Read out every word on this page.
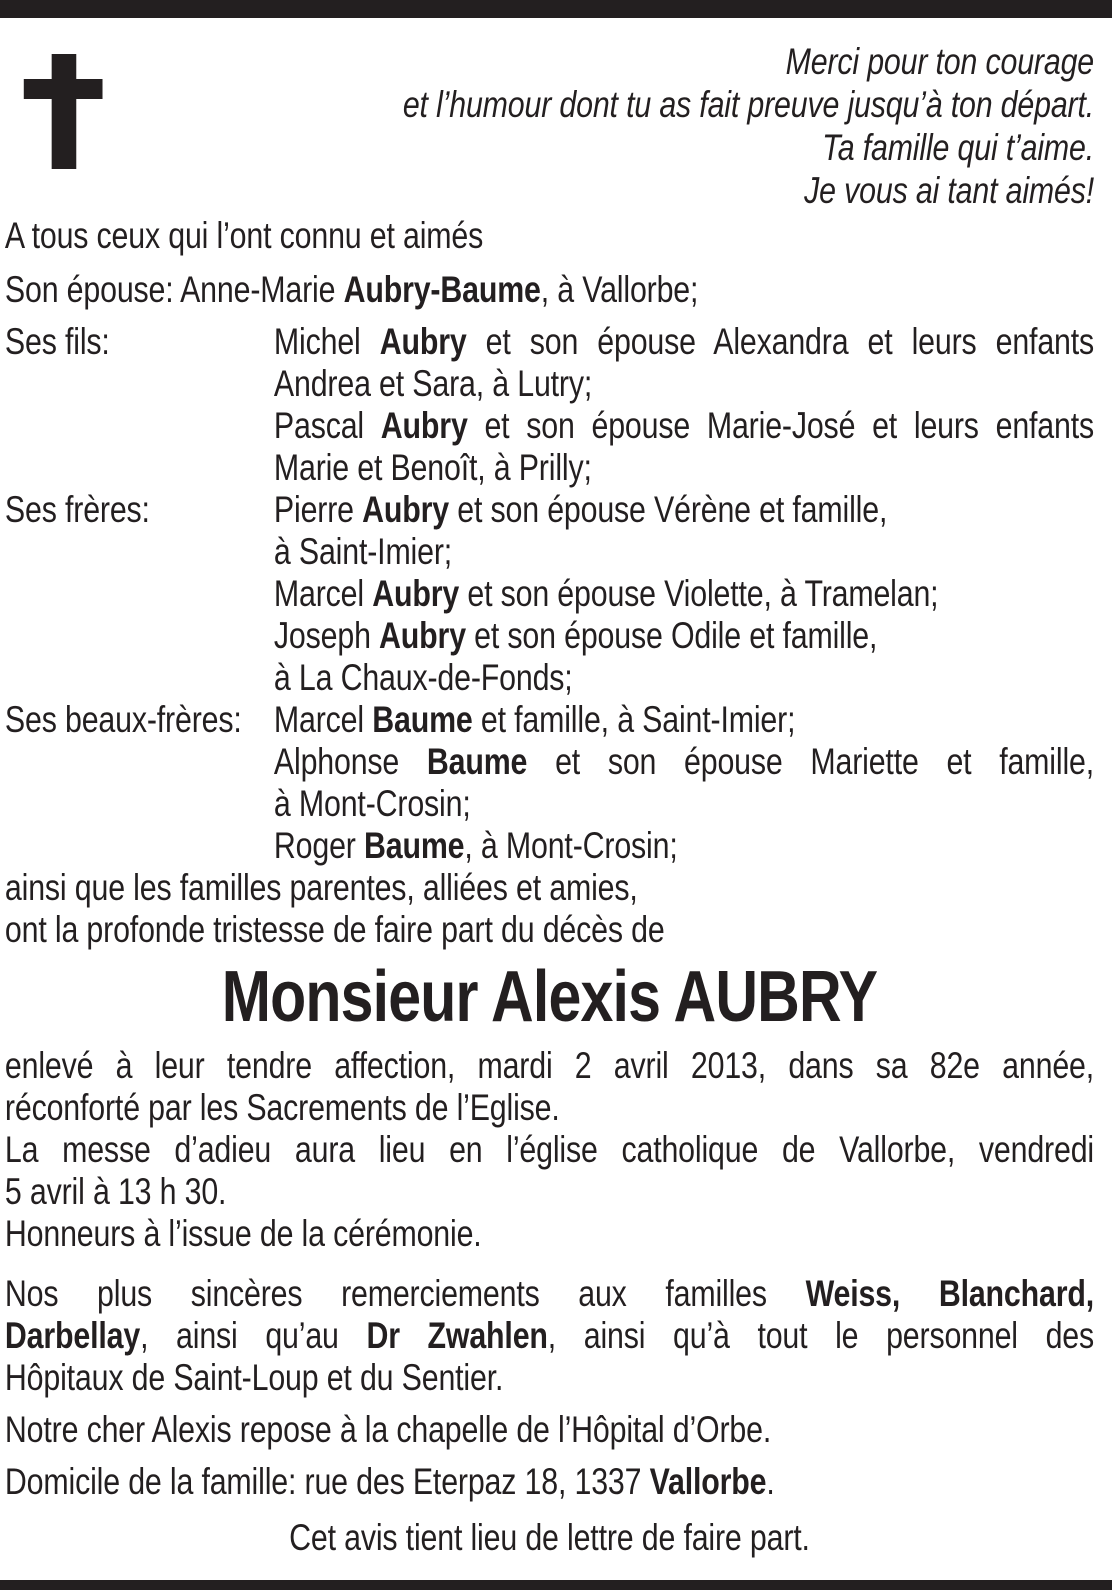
Merci pour ton courage
et l’humour dont tu as fait preuve jusqu’à ton départ.
Ta famille qui t’aime.
Je vous ai tant aimés!
A tous ceux qui l’ont connu et aimés
Son épouse: Anne-Marie Aubry-Baume, à Vallorbe;
Ses fils:	Michel Aubry et son épouse Alexandra et leurs enfants
Andrea et Sara, à Lutry;
Pascal Aubry et son épouse Marie-José et leurs enfants
Marie et Benoît, à Prilly;
Ses frères:	Pierre Aubry et son épouse Vérène et famille,
à Saint-Imier;
Marcel Aubry et son épouse Violette, à Tramelan;
Joseph Aubry et son épouse Odile et famille,
à La Chaux-de-Fonds;
Ses beaux-frères: Marcel Baume et famille, à Saint-Imier;
Alphonse Baume et son épouse Mariette et famille,
à Mont-Crosin;
Roger Baume, à Mont-Crosin;
ainsi que les familles parentes, alliées et amies,
ont la profonde tristesse de faire part du décès de
Monsieur Alexis AUBRY
enlevé à leur tendre affection, mardi 2 avril 2013, dans sa 82e année,
réconforté par les Sacrements de l’Eglise.
La messe d’adieu aura lieu en l’église catholique de Vallorbe, vendredi
5 avril à 13 h 30.
Honneurs à l’issue de la cérémonie.
Nos plus sincères remerciements aux familles Weiss, Blanchard,
Darbellay, ainsi qu’au Dr Zwahlen, ainsi qu’à tout le personnel des
Hôpitaux de Saint-Loup et du Sentier.
Notre cher Alexis repose à la chapelle de l’Hôpital d’Orbe.
Domicile de la famille: rue des Eterpaz 18, 1337 Vallorbe.
Cet avis tient lieu de lettre de faire part.
